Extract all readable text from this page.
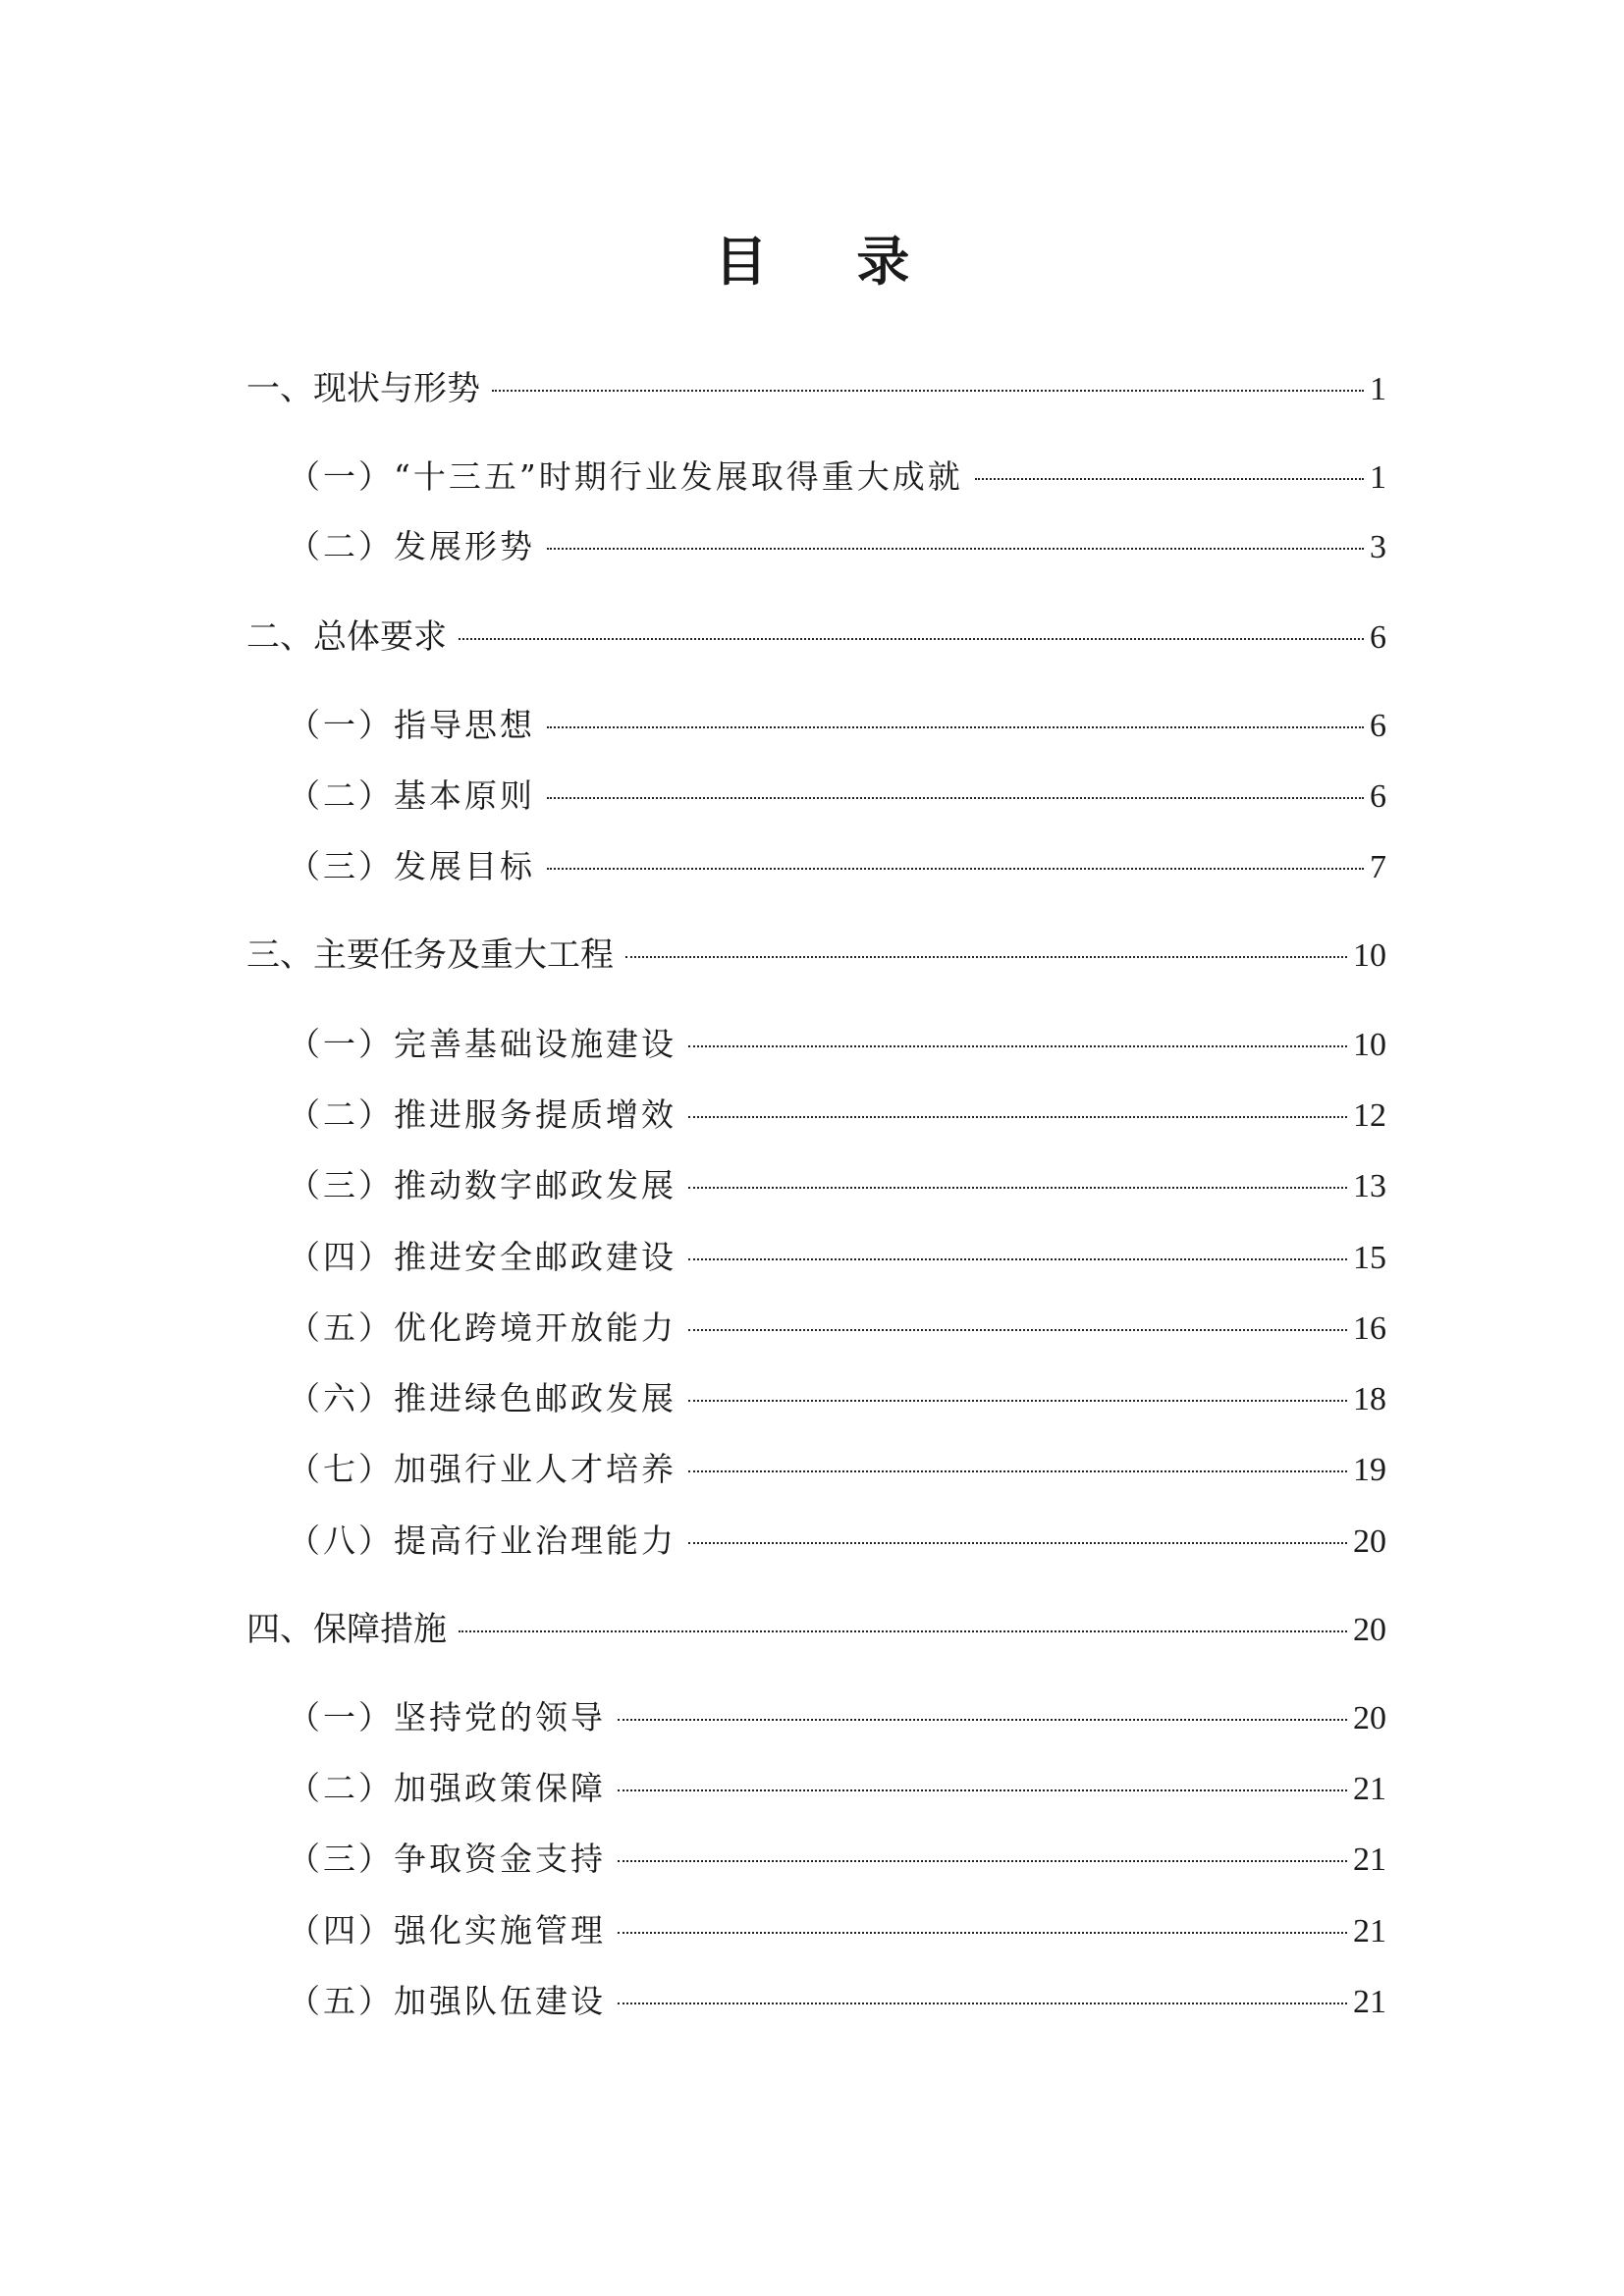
目 录
一、现状与形势	1
（一）“十三五”时期行业发展取得重大成就	1
（二）发展形势	3
二、总体要求	6
（一）指导思想	6
（二）基本原则	6
（三）发展目标	7
三、主要任务及重大工程	10
（一）完善基础设施建设	10
（二）推进服务提质增效	12
（三）推动数字邮政发展	13
（四）推进安全邮政建设	15
（五）优化跨境开放能力	16
（六）推进绿色邮政发展	18
（七）加强行业人才培养	19
（八）提高行业治理能力	20
四、保障措施	20
（一）坚持党的领导	20
（二）加强政策保障	21
（三）争取资金支持	21
（四）强化实施管理	21
（五）加强队伍建设	21
